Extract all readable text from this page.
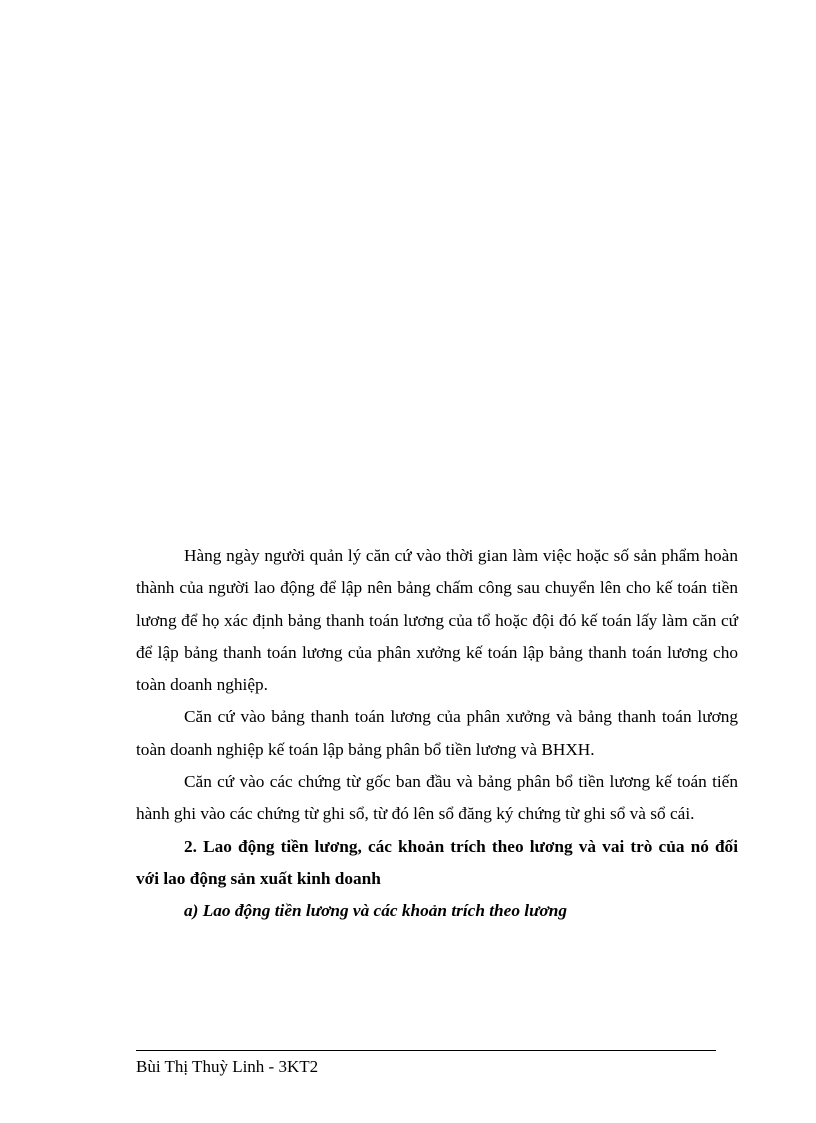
Hàng ngày người quản lý căn cứ vào thời gian làm việc hoặc số sản phẩm hoàn thành của người lao động để lập nên bảng chấm công sau chuyển lên cho kế toán tiền lương để họ xác định bảng thanh toán lương của tổ hoặc đội đó kế toán lấy làm căn cứ để lập bảng thanh toán lương của phân xưởng kế toán lập bảng thanh toán lương cho toàn doanh nghiệp.

Căn cứ vào bảng thanh toán lương của phân xưởng và bảng thanh toán lương toàn doanh nghiệp kế toán lập bảng phân bổ tiền lương và BHXH.

Căn cứ vào các chứng từ gốc ban đầu và bảng phân bổ tiền lương kế toán tiến hành ghi vào các chứng từ ghi sổ, từ đó lên sổ đăng ký chứng từ ghi sổ và sổ cái.

2. Lao động tiền lương, các khoản trích theo lương và vai trò của nó đối với lao động sản xuất kinh doanh

a) Lao động tiền lương và các khoản trích theo lương

Bùi Thị Thuỳ Linh - 3KT2
